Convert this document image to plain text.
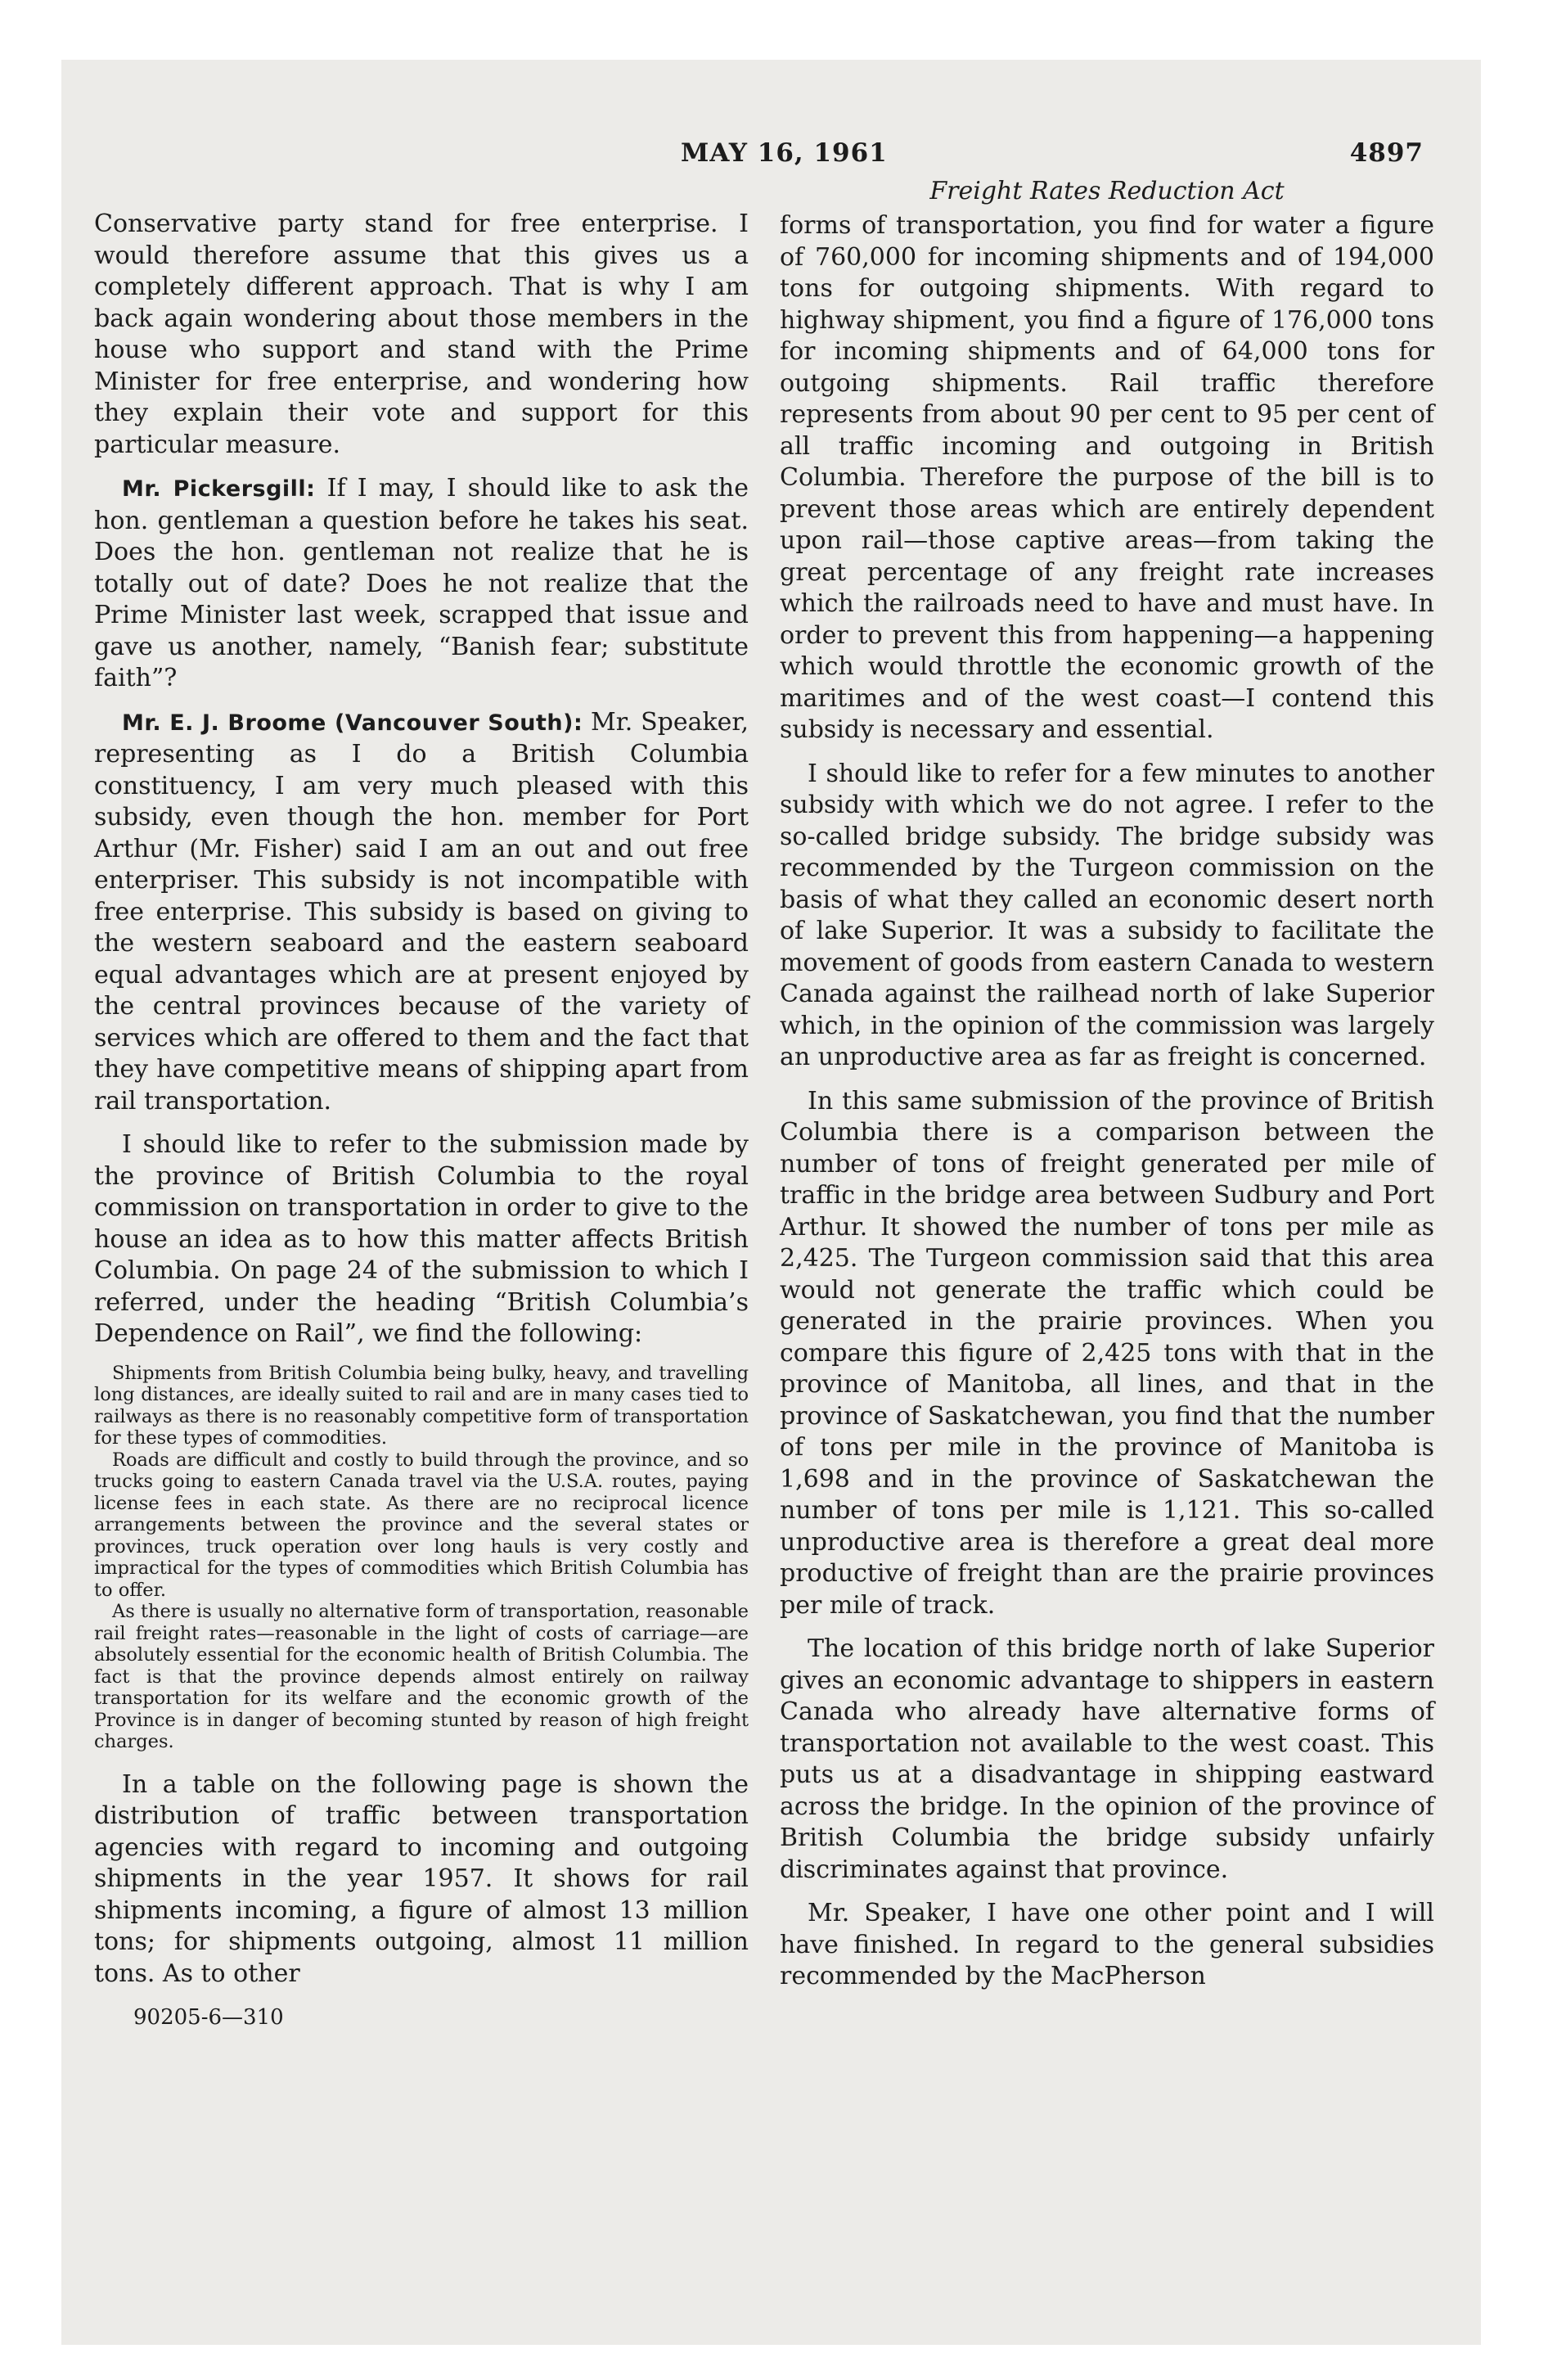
MAY 16, 1961	4897

Conservative party stand for free enterprise. I would therefore assume that this gives us a completely different approach. That is why I am back again wondering about those members in the house who support and stand with the Prime Minister for free enterprise, and wondering how they explain their vote and support for this particular measure.

Mr. Pickersgill: If I may, I should like to ask the hon. gentleman a question before he takes his seat. Does the hon. gentleman not realize that he is totally out of date? Does he not realize that the Prime Minister last week, scrapped that issue and gave us another, namely, “Banish fear; substitute faith”?

Mr. E. J. Broome (Vancouver South): Mr. Speaker, representing as I do a British Columbia constituency, I am very much pleased with this subsidy, even though the hon. member for Port Arthur (Mr. Fisher) said I am an out and out free enterpriser. This subsidy is not incompatible with free enterprise. This subsidy is based on giving to the western seaboard and the eastern seaboard equal advantages which are at present enjoyed by the central provinces because of the variety of services which are offered to them and the fact that they have competitive means of shipping apart from rail transportation.

I should like to refer to the submission made by the province of British Columbia to the royal commission on transportation in order to give to the house an idea as to how this matter affects British Columbia. On page 24 of the submission to which I referred, under the heading “British Columbia’s Dependence on Rail”, we find the following:

Shipments from British Columbia being bulky, heavy, and travelling long distances, are ideally suited to rail and are in many cases tied to railways as there is no reasonably competitive form of transportation for these types of commodities.

Roads are difficult and costly to build through the province, and so trucks going to eastern Canada travel via the U.S.A. routes, paying license fees in each state. As there are no reciprocal licence arrangements between the province and the several states or provinces, truck operation over long hauls is very costly and impractical for the types of commodities which British Columbia has to offer.

As there is usually no alternative form of transportation, reasonable rail freight rates—reasonable in the light of costs of carriage—are absolutely essential for the economic health of British Columbia. The fact is that the province depends almost entirely on railway transportation for its welfare and the economic growth of the Province is in danger of becoming stunted by reason of high freight charges.

In a table on the following page is shown the distribution of traffic between transportation agencies with regard to incoming and outgoing shipments in the year 1957. It shows for rail shipments incoming, a figure of almost 13 million tons; for shipments outgoing, almost 11 million tons. As to other

90205-6—310
Freight Rates Reduction Act

forms of transportation, you find for water a figure of 760,000 for incoming shipments and of 194,000 tons for outgoing shipments. With regard to highway shipment, you find a figure of 176,000 tons for incoming shipments and of 64,000 tons for outgoing shipments. Rail traffic therefore represents from about 90 per cent to 95 per cent of all traffic incoming and outgoing in British Columbia. Therefore the purpose of the bill is to prevent those areas which are entirely dependent upon rail—those captive areas—from taking the great percentage of any freight rate increases which the railroads need to have and must have. In order to prevent this from happening—a happening which would throttle the economic growth of the maritimes and of the west coast—I contend this subsidy is necessary and essential.

I should like to refer for a few minutes to another subsidy with which we do not agree. I refer to the so-called bridge subsidy. The bridge subsidy was recommended by the Turgeon commission on the basis of what they called an economic desert north of lake Superior. It was a subsidy to facilitate the movement of goods from eastern Canada to western Canada against the railhead north of lake Superior which, in the opinion of the commission was largely an unproductive area as far as freight is concerned.

In this same submission of the province of British Columbia there is a comparison between the number of tons of freight generated per mile of traffic in the bridge area between Sudbury and Port Arthur. It showed the number of tons per mile as 2,425. The Turgeon commission said that this area would not generate the traffic which could be generated in the prairie provinces. When you compare this figure of 2,425 tons with that in the province of Manitoba, all lines, and that in the province of Saskatchewan, you find that the number of tons per mile in the province of Manitoba is 1,698 and in the province of Saskatchewan the number of tons per mile is 1,121. This so-called unproductive area is therefore a great deal more productive of freight than are the prairie provinces per mile of track.

The location of this bridge north of lake Superior gives an economic advantage to shippers in eastern Canada who already have alternative forms of transportation not available to the west coast. This puts us at a disadvantage in shipping eastward across the bridge. In the opinion of the province of British Columbia the bridge subsidy unfairly discriminates against that province.

Mr. Speaker, I have one other point and I will have finished. In regard to the general subsidies recommended by the MacPherson
